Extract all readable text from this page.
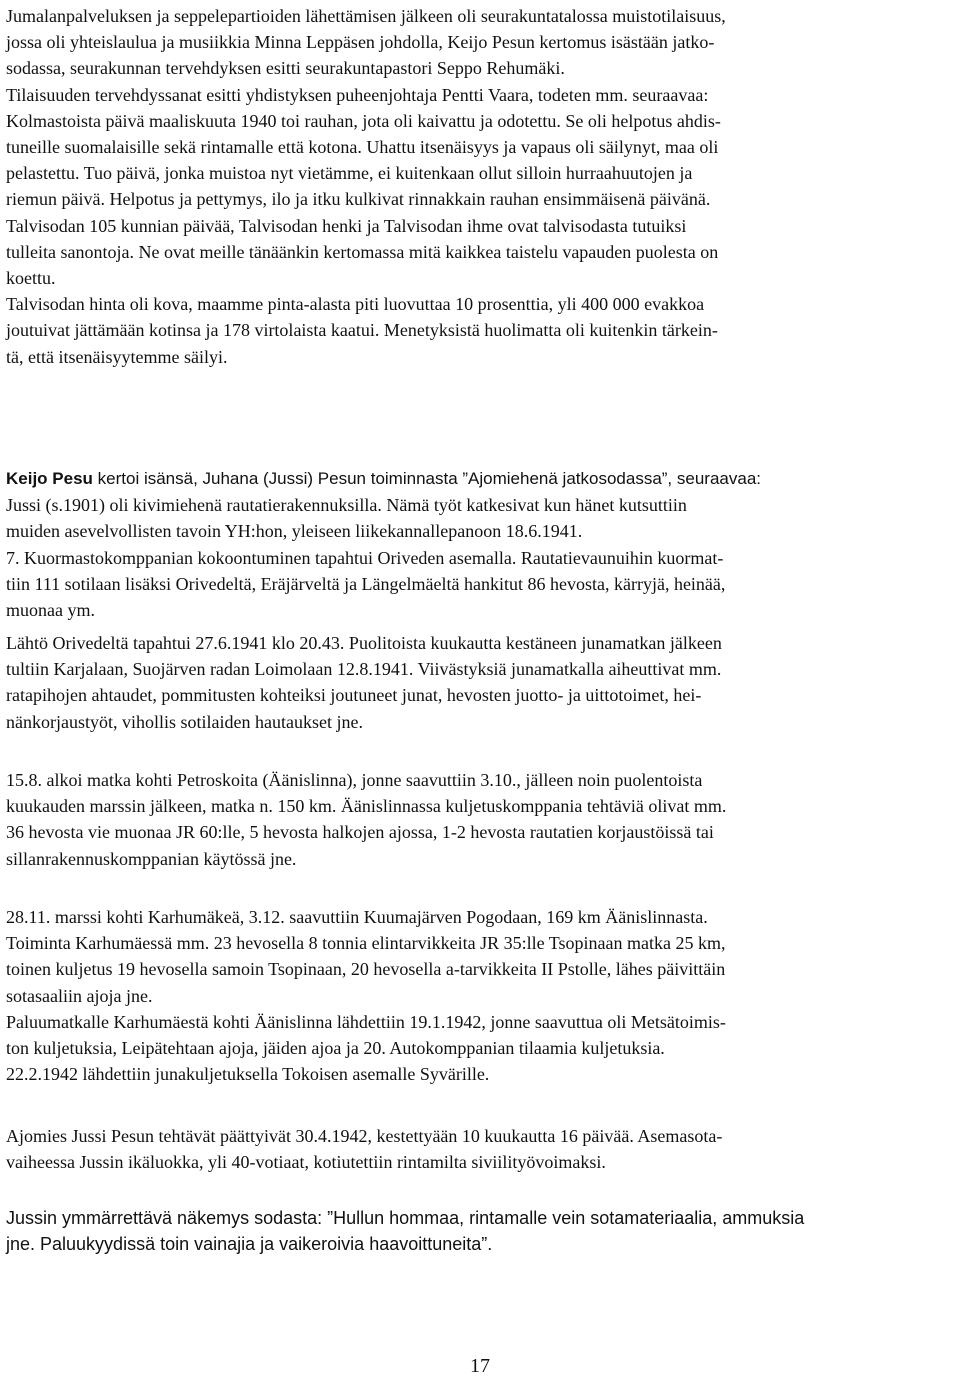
Jumalanpalveluksen ja seppelepartioiden lähettämisen jälkeen oli seurakuntatalossa muistotilaisuus,
jossa oli yhteislaulua ja musiikkia Minna Leppäsen johdolla, Keijo Pesun kertomus isästään jatko-
sodassa, seurakunnan tervehdyksen esitti seurakuntapastori Seppo Rehumäki.
Tilaisuuden tervehdyssanat esitti yhdistyksen puheenjohtaja Pentti Vaara, todeten mm. seuraavaa:
Kolmastoista päivä maaliskuuta 1940 toi rauhan, jota oli kaivattu ja odotettu. Se oli helpotus ahdis-
tuneille suomalaisille sekä rintamalle että kotona. Uhattu itsenäisyys ja vapaus oli säilynyt, maa oli
pelastettu. Tuo päivä, jonka muistoa nyt vietämme, ei kuitenkaan ollut silloin hurraahuutojen ja
riemun päivä. Helpotus ja pettymys, ilo ja itku kulkivat rinnakkain rauhan ensimmäisenä päivänä.
Talvisodan 105 kunnian päivää, Talvisodan henki ja Talvisodan ihme ovat talvisodasta tutuiksi
tulleita sanontoja. Ne ovat meille tänäänkin kertomassa mitä kaikkea taistelu vapauden puolesta on
koettu.
Talvisodan hinta oli kova, maamme pinta-alasta piti luovuttaa 10 prosenttia, yli 400 000 evakkoa
joutuivat jättämään kotinsa ja 178 virtolaista kaatui. Menetyksistä huolimatta oli kuitenkin tärkein-
tä, että itsenäisyytemme säilyi.
Keijo Pesu kertoi isänsä, Juhana (Jussi) Pesun toiminnasta ”Ajomiehenä jatkosodassa”, seuraavaa:
Jussi (s.1901) oli kivimiehenä rautatierakennuksilla. Nämä työt katkesivat kun hänet kutsuttiin
muiden asevelvollisten tavoin YH:hon, yleiseen liikekannallepanoon 18.6.1941.
7. Kuormastokomppanian kokoontuminen tapahtui Oriveden asemalla. Rautatievaunuihin kuormat-
tiin 111 sotilaan lisäksi Orivedeltä, Eräjärveltä ja Längelmäeltä hankitut 86 hevosta, kärryjä, heinää,
muonaa ym.
Lähtö Orivedeltä tapahtui 27.6.1941 klo 20.43. Puolitoista kuukautta kestäneen junamatkan jälkeen
tultiin Karjalaan, Suojärven radan Loimolaan 12.8.1941. Viivästyksiä junamatkalla aiheuttivat mm.
ratapihojen ahtaudet, pommitusten kohteiksi joutuneet junat, hevosten juotto- ja uittotoimet, hei-
nänkorjaustyöt, vihollis sotilaiden hautaukset jne.
15.8. alkoi matka kohti Petroskoita (Äänislinna), jonne saavuttiin 3.10., jälleen noin puolentoista
kuukauden marssin jälkeen, matka n. 150 km. Äänislinnassa kuljetuskomppania tehtäviä olivat mm.
36 hevosta vie muonaa JR 60:lle, 5 hevosta halkojen ajossa, 1-2 hevosta rautatien korjaustöissä tai
sillanrakennuskomppanian käytössä jne.
28.11. marssi kohti Karhumäkeä, 3.12. saavuttiin Kuumajärven Pogodaan, 169 km Äänislinnasta.
Toiminta Karhumäessä mm. 23 hevosella 8 tonnia elintarvikkeita JR 35:lle Tsopinaan matka 25 km,
toinen kuljetus 19 hevosella samoin Tsopinaan, 20 hevosella a-tarvikkeita II Pstolle, lähes päivittäin
sotasaaliin ajoja jne.
Paluumatkalle Karhumäestä kohti Äänislinna lähdettiin 19.1.1942, jonne saavuttua oli Metsätoimis-
ton kuljetuksia, Leipätehtaan ajoja, jäiden ajoa ja 20. Autokomppanian tilaamia kuljetuksia.
22.2.1942 lähdettiin junakuljetuksella Tokoisen asemalle Syvärille.
Ajomies Jussi Pesun tehtävät päättyivät 30.4.1942, kestettyään 10 kuukautta 16 päivää. Asemasota-
vaiheessa Jussin ikäluokka, yli 40-votiaat, kotiutettiin rintamilta siviilityövoimaksi.
Jussin ymmärrettävä näkemys sodasta: ”Hullun hommaa, rintamalle vein sotamateriaalia, ammuksia
jne. Paluukyydissä toin vainajia ja vaikeroivia haavoittuneita”.
17
